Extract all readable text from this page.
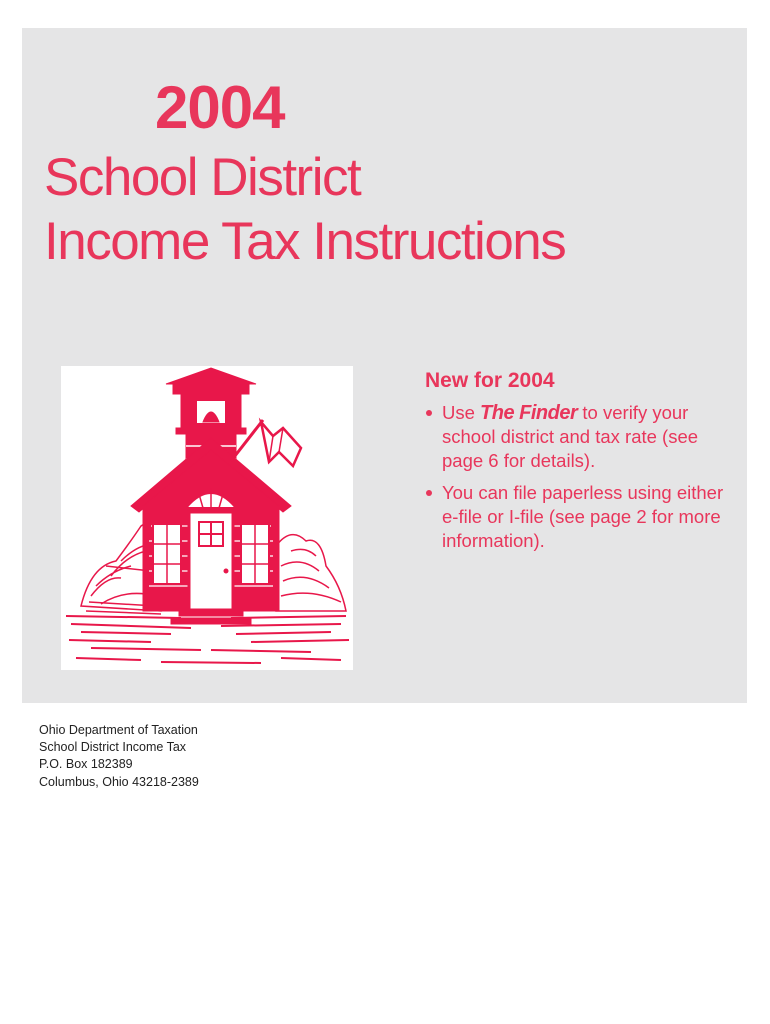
2004
School District
Income Tax Instructions
New for 2004
Use The Finder to verify your school district and tax rate (see page 6 for details).
You can file paperless using either e-file or I-file (see page 2 for more information).
Ohio Department of Taxation
School District Income Tax
P.O. Box 182389
Columbus, Ohio 43218-2389
